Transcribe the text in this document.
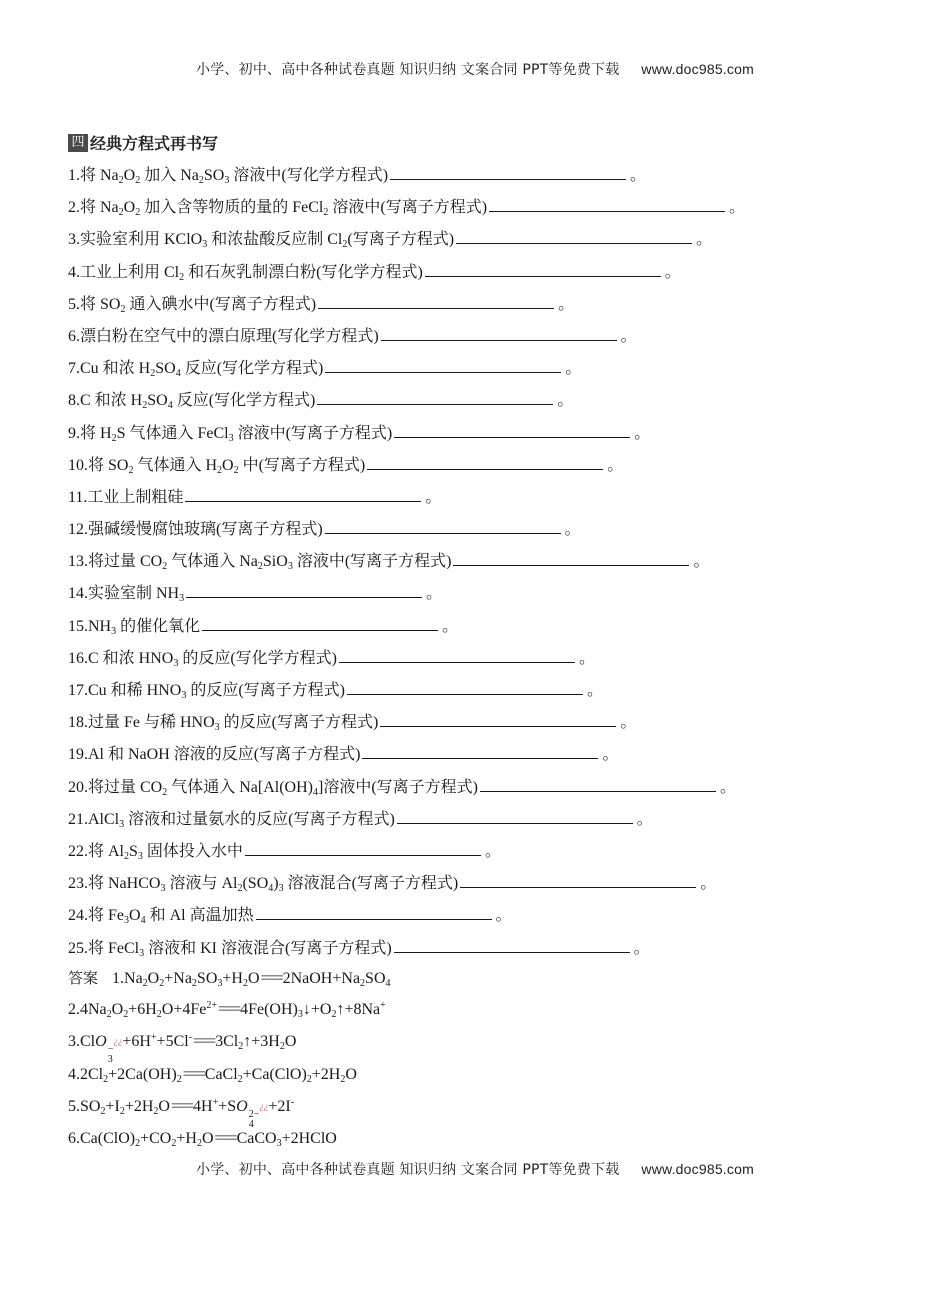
小学、初中、高中各种试卷真题 知识归纳 文案合同 PPT等免费下载 www.doc985.com
四 经典方程式再书写
1.将 $Na_2O_2$ 加入 $Na_2SO_3$ 溶液中(写化学方程式)	。
2.将 $Na_2O_2$ 加入含等物质的量的 FeCl$_2$ 溶液中(写离子方程式)	。
3.实验室利用 KClO$_3$ 和浓盐酸反应制 $Cl_2$(写离子方程式)	。
4.工业上利用 $Cl_2$ 和石灰乳制漂白粉(写化学方程式)	。
5.将 $SO_2$ 通入碘水中(写离子方程式)	。
6.漂白粉在空气中的漂白原理(写化学方程式)	。
7.Cu 和浓 $H_2SO_4$ 反应(写化学方程式)	。
8.C 和浓 $H_2SO_4$ 反应(写化学方程式)	。
9.将 $H_2S$ 气体通入 FeCl$_3$ 溶液中(写离子方程式)	。
10.将 $SO_2$ 气体通入 $H_2O_2$ 中(写离子方程式)	。
11.工业上制粗硅	。
12.强碱缓慢腐蚀玻璃(写离子方程式)	。
13.将过量 $CO_2$ 气体通入 $Na_2SiO_3$ 溶液中(写离子方程式)	。
14.实验室制 $NH_3$	。
$15.NH_3$ 的催化氧化	。
16.C 和浓 $HNO_3$ 的反应(写化学方程式)	。
17.Cu 和稀 $HNO_3$ 的反应(写离子方程式)	。
18.过量 Fe 与稀 $HNO_3$ 的反应(写离子方程式)	。
19.Al 和 NaOH 溶液的反应(写离子方程式)	。
20.将过量 $CO_2$ 气体通入 $Na[Al(OH)_4]$溶液中(写离子方程式)	。
21.AlCl$_3$ 溶液和过量氨水的反应(写离子方程式)	。
22.将 $Al_2S_3$ 固体投入水中	。
23.将 NaHCO$_3$ 溶液与 $Al_2(SO_4)_3$ 溶液混合(写离子方程式)	。
24.将 $Fe_3O_4$ 和 Al 高温加热	。
25.将 FeCl$_3$ 溶液和 KI 溶液混合(写离子方程式)	。
答案 $1.Na_2O_2+Na_2SO_3+H_2O===2NaOH+Na_2SO_4$
$2.4Na_2O_2+6H_2O+4Fe^{2+}===4Fe(OH)_3↓+O_2↑+8Na^+$
3.ClO −¿¿
3
$+6H^++5Cl^-===3Cl_2↑+3H_2O$
$4.2Cl_2+2Ca(OH)_2===CaCl_2+Ca(ClO)_2+2H_2O$
$5.SO_2+I_2+2H_2O===4H^++SO$ 2−¿¿
4
+2I-
$6.Ca(ClO)_2+CO_2+H_2O===CaCO_3+2HClO$
小学、初中、高中各种试卷真题 知识归纳 文案合同 PPT等免费下载 www.doc985.com
